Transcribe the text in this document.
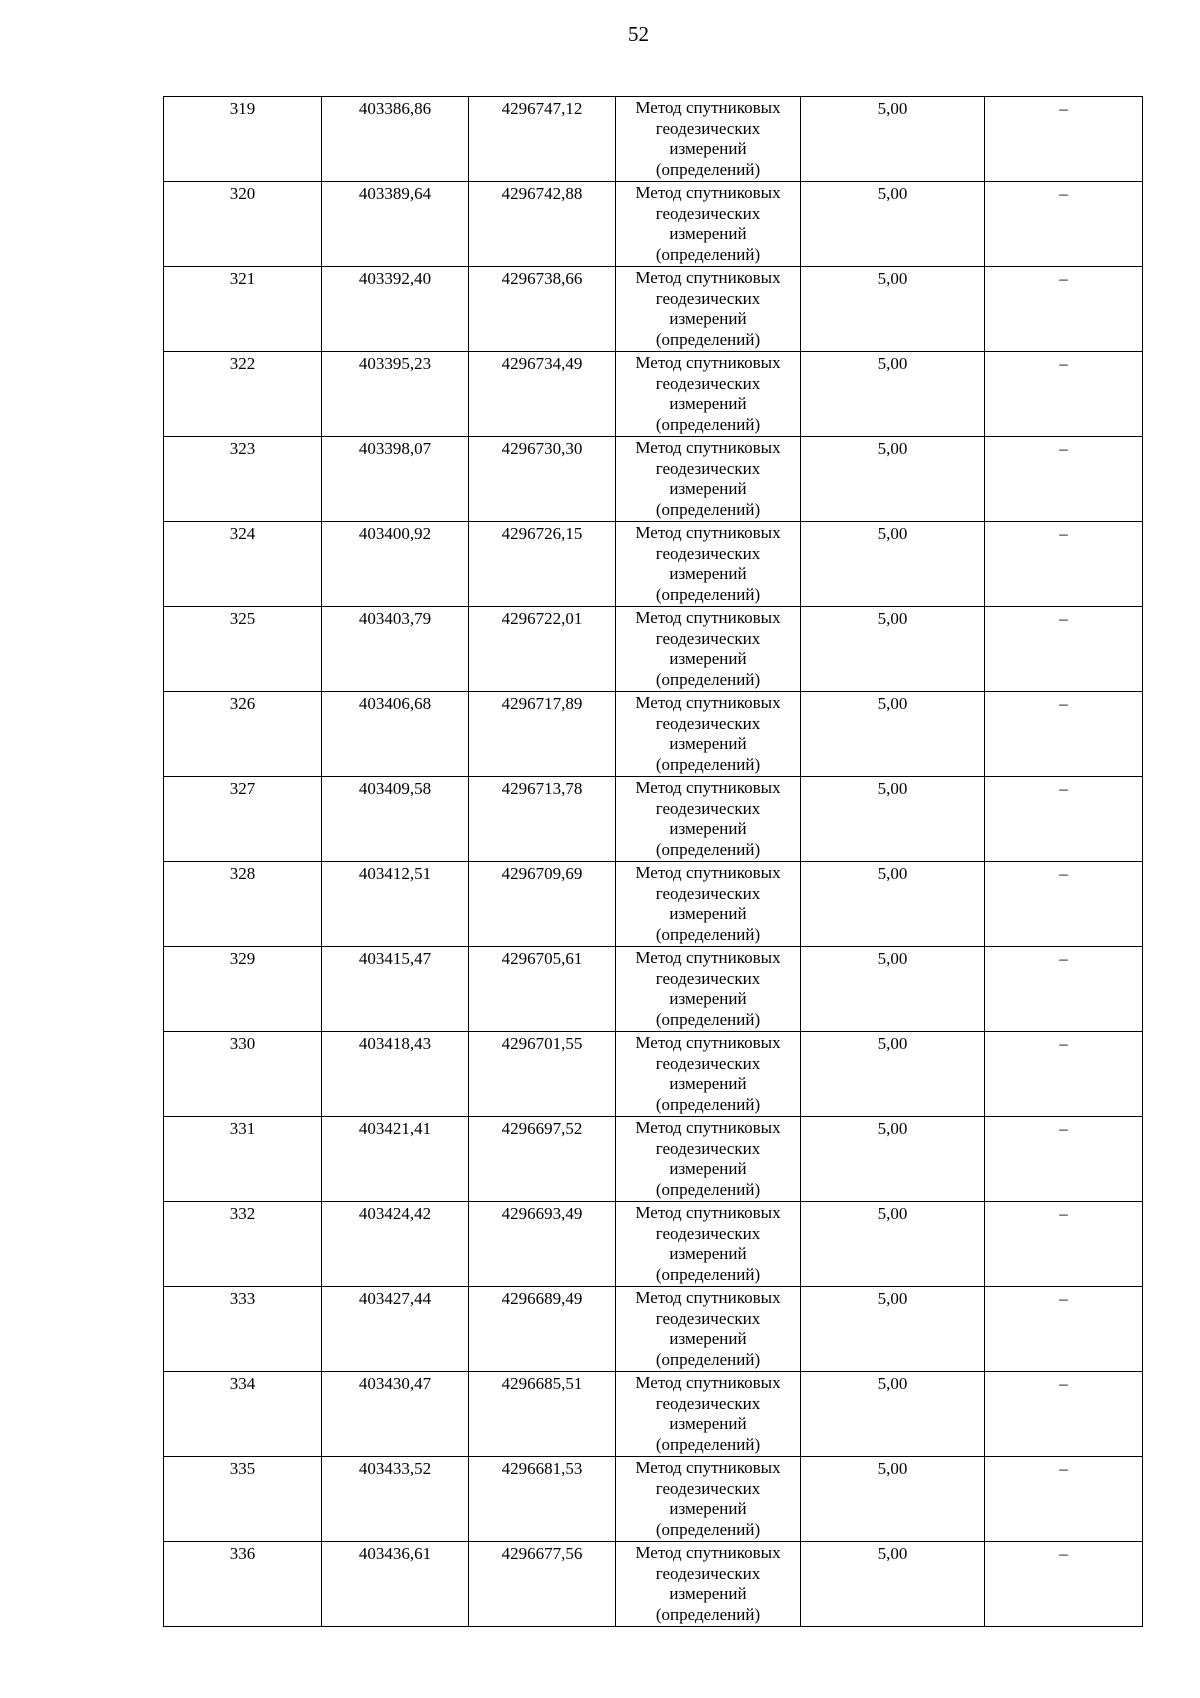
52
319	403386,86	4296747,12	Метод спутниковых геодезических измерений (определений)	5,00	–

320	403389,64	4296742,88	Метод спутниковых геодезических измерений (определений)	5,00	–

321	403392,40	4296738,66	Метод спутниковых геодезических измерений (определений)	5,00	–

322	403395,23	4296734,49	Метод спутниковых геодезических измерений (определений)	5,00	–

323	403398,07	4296730,30	Метод спутниковых геодезических измерений (определений)	5,00	–

324	403400,92	4296726,15	Метод спутниковых геодезических измерений (определений)	5,00	–

325	403403,79	4296722,01	Метод спутниковых геодезических измерений (определений)	5,00	–

326	403406,68	4296717,89	Метод спутниковых геодезических измерений (определений)	5,00	–

327	403409,58	4296713,78	Метод спутниковых геодезических измерений (определений)	5,00	–

328	403412,51	4296709,69	Метод спутниковых геодезических измерений (определений)	5,00	–

329	403415,47	4296705,61	Метод спутниковых геодезических измерений (определений)	5,00	–

330	403418,43	4296701,55	Метод спутниковых геодезических измерений (определений)	5,00	–

331	403421,41	4296697,52	Метод спутниковых геодезических измерений (определений)	5,00	–

332	403424,42	4296693,49	Метод спутниковых геодезических измерений (определений)	5,00	–

333	403427,44	4296689,49	Метод спутниковых геодезических измерений (определений)	5,00	–

334	403430,47	4296685,51	Метод спутниковых геодезических измерений (определений)	5,00	–

335	403433,52	4296681,53	Метод спутниковых геодезических измерений (определений)	5,00	–

336	403436,61	4296677,56	Метод спутниковых геодезических измерений (определений)	5,00	–
